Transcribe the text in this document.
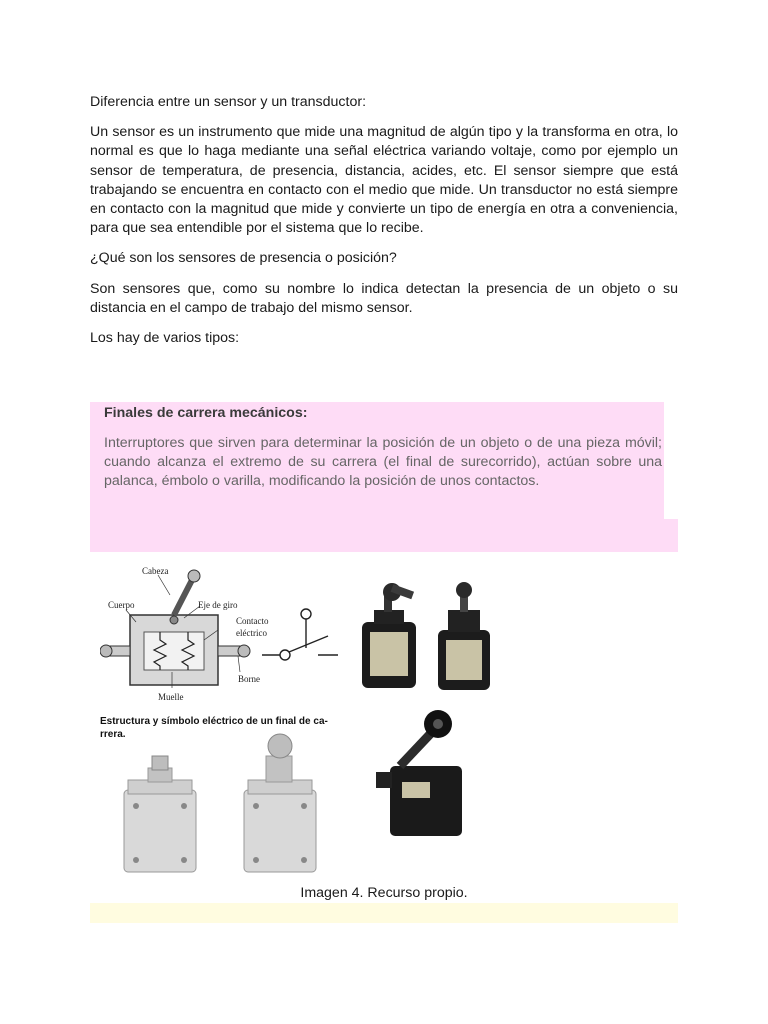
Diferencia entre un sensor y un transductor:

Un sensor es un instrumento que mide una magnitud de algún tipo y la transforma en otra, lo normal es que lo haga mediante una señal eléctrica variando voltaje, como por ejemplo un sensor de temperatura, de presencia, distancia, acides, etc. El sensor siempre que está trabajando se encuentra en contacto con el medio que mide. Un transductor no está siempre en contacto con la magnitud que mide y convierte un tipo de energía en otra a conveniencia, para que sea entendible por el sistema que lo recibe.

¿Qué son los sensores de presencia o posición?

Son sensores que, como su nombre lo indica detectan la presencia de un objeto o su distancia en el campo de trabajo del mismo sensor.

Los hay de varios tipos:

Finales de carrera mecánicos:
Interruptores que sirven para determinar la posición de un objeto o de una pieza móvil; cuando alcanza el extremo de su carrera (el final de surecorrido), actúan sobre una palanca, émbolo o varilla, modificando la posición de unos contactos.
Cabeza
Cuerpo	Eje de giro
Contacto
eléctrico
Borne
Muelle
Estructura y símbolo eléctrico de un final de ca-
rrera.
Imagen 4. Recurso propio.
